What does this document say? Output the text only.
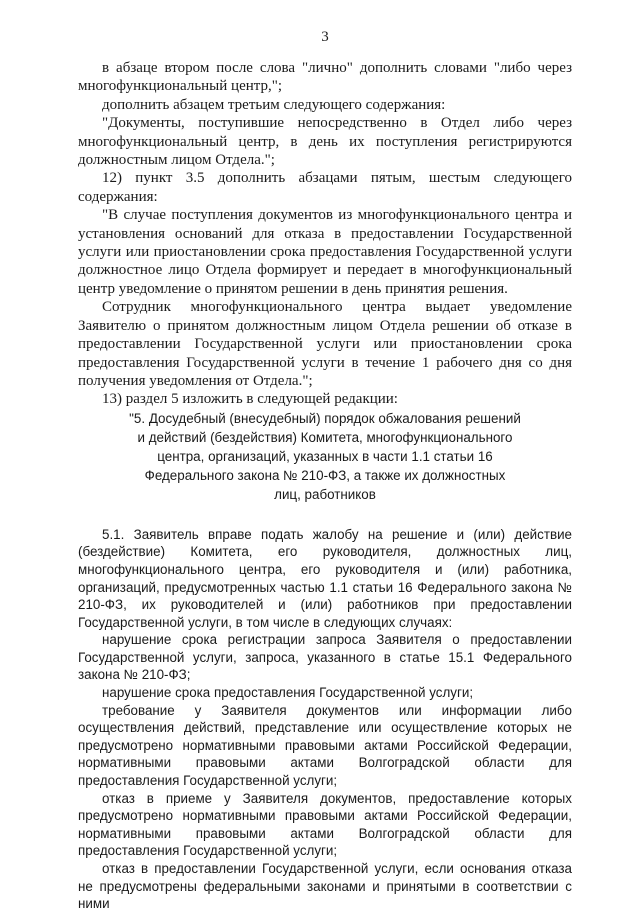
3

в абзаце втором после слова "лично" дополнить словами "либо через многофункциональный центр,";

дополнить абзацем третьим следующего содержания:

"Документы, поступившие непосредственно в Отдел либо через многофункциональный центр, в день их поступления регистрируются должностным лицом Отдела.";

12) пункт 3.5 дополнить абзацами пятым, шестым следующего содержания:

"В случае поступления документов из многофункционального центра и установления оснований для отказа в предоставлении Государственной услуги или приостановлении срока предоставления Государственной услуги должностное лицо Отдела формирует и передает в многофункциональный центр уведомление о принятом решении в день принятия решения.

Сотрудник многофункционального центра выдает уведомление Заявителю о принятом должностным лицом Отдела решении об отказе в предоставлении Государственной услуги или приостановлении срока предоставления Государственной услуги в течение 1 рабочего дня со дня получения уведомления от Отдела.";

13) раздел 5 изложить в следующей редакции:

"5. Досудебный (внесудебный) порядок обжалования решений
и действий (бездействия) Комитета, многофункционального
центра, организаций, указанных в части 1.1 статьи 16
Федерального закона № 210-ФЗ, а также их должностных
лиц, работников

5.1. Заявитель вправе подать жалобу на решение и (или) действие (бездействие) Комитета, его руководителя, должностных лиц, многофункционального центра, его руководителя и (или) работника, организаций, предусмотренных частью 1.1 статьи 16 Федерального закона № 210-ФЗ, их руководителей и (или) работников при предоставлении Государственной услуги, в том числе в следующих случаях:

нарушение срока регистрации запроса Заявителя о предоставлении Государственной услуги, запроса, указанного в статье 15.1 Федерального закона № 210-ФЗ;

нарушение срока предоставления Государственной услуги;

требование у Заявителя документов или информации либо осуществления действий, представление или осуществление которых не предусмотрено нормативными правовыми актами Российской Федерации, нормативными правовыми актами Волгоградской области для предоставления Государственной услуги;

отказ в приеме у Заявителя документов, предоставление которых предусмотрено нормативными правовыми актами Российской Федерации, нормативными правовыми актами Волгоградской области для предоставления Государственной услуги;

отказ в предоставлении Государственной услуги, если основания отказа не предусмотрены федеральными законами и принятыми в соответствии с ними
